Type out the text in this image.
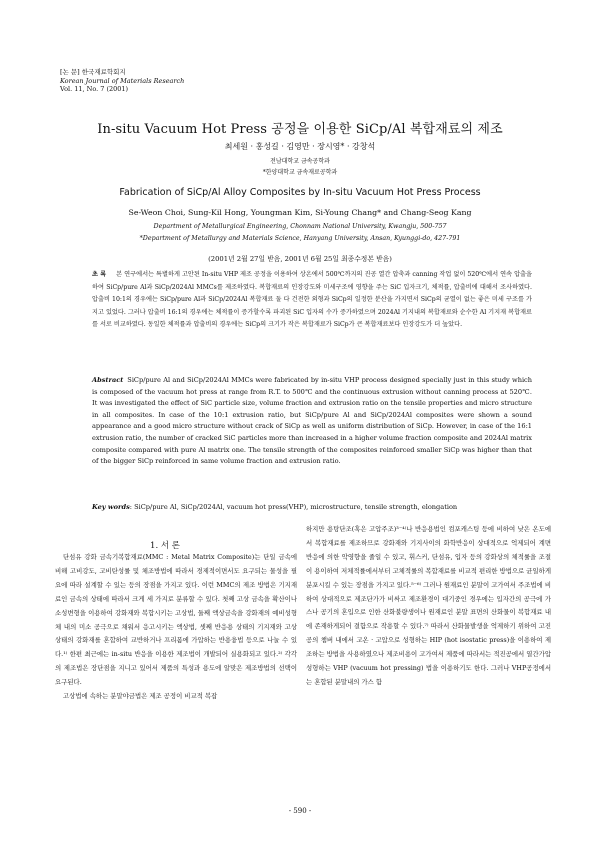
[논 문] 한국재료학회지
Korean Journal of Materials Research
Vol. 11, No. 7 (2001)
In-situ Vacuum Hot Press 공정을 이용한 SiCp/Al 복합재료의 제조
최세원 · 홍성길 · 김영만 · 장시영* · 강창석
전남대학교 금속공학과
*한양대학교 금속재료공학과
Fabrication of SiCp/Al Alloy Composites by In-situ Vacuum Hot Press Process
Se-Weon Choi, Sung-Kil Hong, Youngman Kim, Si-Young Chang* and Chang-Seog Kang
Department of Metallurgical Engineering, Chonnam National University, Kwangju, 500-757
*Department of Metallurgy and Materials Science, Hanyang University, Ansan, Kyunggi-do, 427-791
(2001년 2월 27일 받음, 2001년 6월 25일 최종수정본 받음)
초 록 본 연구에서는 특별하게 고안된 In-situ VHP 제조 공정을 이용하여 상온에서 500℃까지의 진공 열간 압축과 canning 작업 없이 520℃에서 연속 압출을 하여 SiCp/pure Al과 SiCp/2024Al MMCs를 제조하였다. 복합재료의 인장강도와 미세구조에 영향을 주는 SiC 입자크기, 체적률, 압출비에 대해서 조사하였다. 압출비 10:1의 경우에는 SiCp/pure Al과 SiCp/2024Al 복합재료 둘 다 건전한 외형과 SiCp의 일정한 분산을 가지면서 SiCp의 균열이 없는 좋은 미세 구조를 가지고 있었다. 그러나 압출비 16:1의 경우에는 체적률이 증가할수록 파괴된 SiC 입자의 수가 증가하였으며 2024Al 기지내의 복합재료와 순수한 Al 기지재 복합재료를 서로 비교하였다. 동일한 체적률과 압출비의 경우에는 SiCp의 크기가 작은 복합재료가 SiCp가 큰 복합재료보다 인장강도가 더 높았다.
Abstract SiCp/pure Al and SiCp/2024Al MMCs were fabricated by in-situ VHP process designed specially just in this study which is composed of the vacuum hot press at range from R.T. to 500℃ and the continuous extrusion without canning process at 520℃. It was investigated the effect of SiC particle size, volume fraction and extrusion ratio on the tensile properties and micro structure in all composites. In case of the 10:1 extrusion ratio, but SiCp/pure Al and SiCp/2024Al composites were shown a sound appearance and a good micro structure without crack of SiCp as well as uniform distribution of SiCp. However, in case of the 16:1 extrusion ratio, the number of cracked SiC particles more than increased in a higher volume fraction composite and 2024Al matrix composite compared with pure Al matrix one. The tensile strength of the composites reinforced smaller SiCp was higher than that of the bigger SiCp reinforced in same volume fraction and extrusion ratio.
Key words: SiCp/pure Al, SiCp/2024Al, vacuum hot press(VHP), microstructure, tensile strength, elongation
1. 서 론

단섬유 강화 금속기복합재료(MMC : Metal Matrix Composite)는 단일 금속에 비해 고비강도, 고비탄성률 및 체조방법에 따라서 경제적이면서도 요구되는 물성을 필요에 따라 설계할 수 있는 등의 장점을 가지고 있다. 이런 MMC의 제조 방법은 기지재료인 금속의 상태에 따라서 크게 세 가지로 분류할 수 있다. 첫째 고상 금속을 확산이나 소성변형을 이용하여 강화재와 복합시키는 고상법, 둘째 액상금속을 강화재의 예비성형체 내의 미소 공극으로 채워서 응고시키는 액상법, 셋째 반응용 상태의 기지재와 고상 상태의 강화재를 혼합하여 교반하거나 프리폼에 가압하는 반용융법 등으로 나눌 수 있다.¹⁾ 한편 최근에는 in-situ 반응을 이용한 제조법이 개발되어 실용화되고 있다.²⁾ 각각의 제조법은 장단점을 지니고 있어서 제품의 특성과 용도에 알맞은 제조방법의 선택이 요구된다.

고상법에 속하는 분말야금법은 제조 공정이 비교적 복잡

하지만 용탕단조(혹은 고압주조)³⁻⁴⁾나 반응용법인 컴포캐스팅 등에 비하여 낮은 온도에서 복합재료를 제조하므로 강화재와 기지사이의 화학반응이 상대적으로 억제되어 계면 반응에 의한 악영향을 줄일 수 있고, 휘스커, 단섬유, 입자 등의 강화상의 체적률을 조절이 용이하여 저체적률에서부터 고체적률의 복합재료를 비교적 편리한 방법으로 균일하게 분포시킬 수 있는 장점을 가지고 있다.⁵⁻⁶⁾ 그러나 원재료인 분말이 고가여서 주조법에 비하여 상대적으로 제조단가가 비싸고 제조환경이 대기중인 경우에는 입자간의 공극에 가스나 공기의 혼입으로 인한 산화불량생이나 원재료인 분말 표면의 산화물이 복합재료 내에 존재하게되어 결함으로 작용할 수 있다.⁷⁾ 따라서 산화물발생을 억제하기 위하여 고진공의 챔버 내에서 고온 · 고압으로 성형하는 HIP (hot isostatic press)을 이용하여 제조하는 방법을 사용하였으나 제조비용이 고가여서 제품에 따라서는 적진공에서 열간가압 성형하는 VHP (vacuum hot pressing) 법을 이용하기도 한다. 그러나 VHP공정에서는 혼합된 분말내의 가스 함

- 590 -
